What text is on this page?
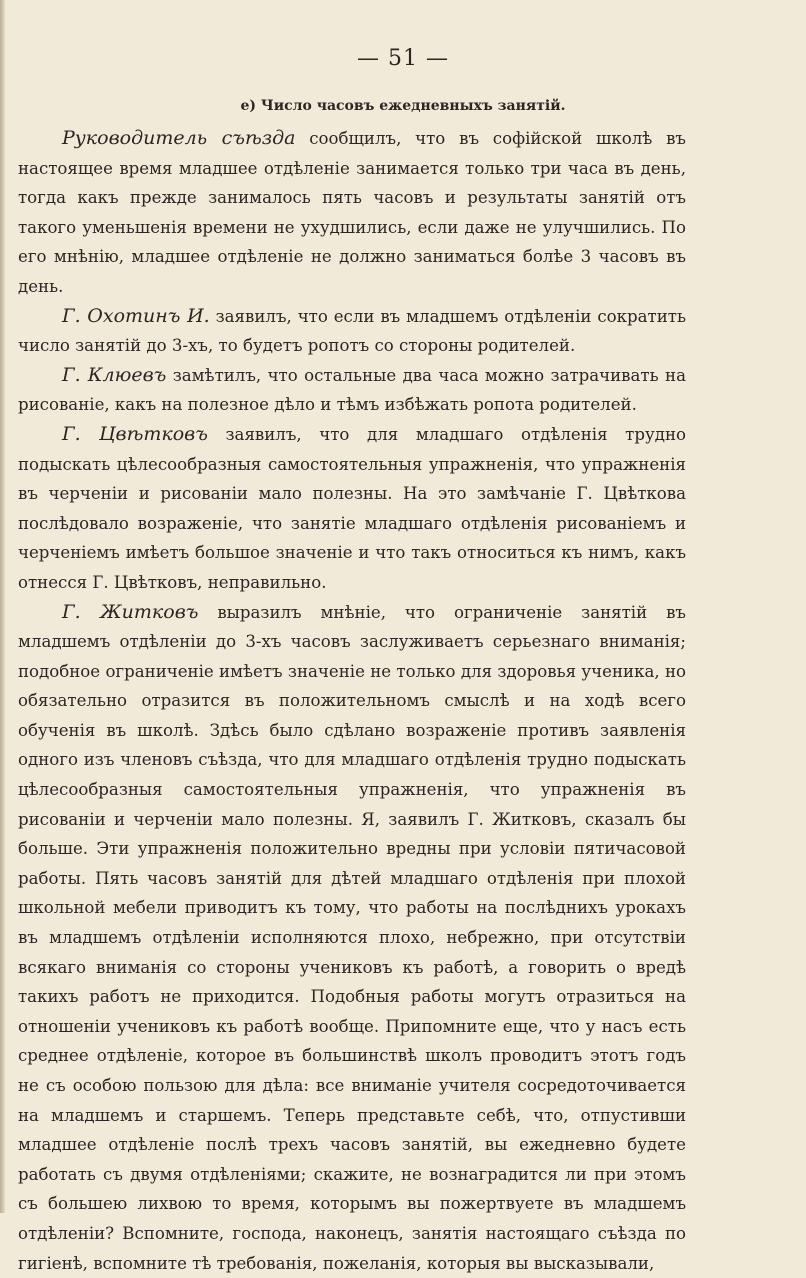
— 51 —
е) Число часовъ ежедневныхъ занятій.

Руководитель съѣзда сообщилъ, что въ софійской школѣ въ настоящее время младшее отдѣленіе занимается только три часа въ день, тогда какъ прежде занималось пять часовъ и результаты занятій отъ такого уменьшенія времени не ухудшились, если даже не улучшились. По его мнѣнію, младшее отдѣленіе не должно заниматься болѣе 3 часовъ въ день.

Г. Охотинъ И. заявилъ, что если въ младшемъ отдѣленіи сократить число занятій до 3-хъ, то будетъ ропотъ со стороны родителей.

Г. Клюевъ замѣтилъ, что остальные два часа можно затрачивать на рисованіе, какъ на полезное дѣло и тѣмъ избѣжать ропота родителей.

Г. Цвѣтковъ заявилъ, что для младшаго отдѣленія трудно подыскать цѣлесообразныя самостоятельныя упражненія, что упражненія въ черченіи и рисованіи мало полезны. На это замѣчаніе Г. Цвѣткова послѣдовало возраженіе, что занятіе младшаго отдѣленія рисованіемъ и черченіемъ имѣетъ большое значеніе и что такъ относиться къ нимъ, какъ отнесся Г. Цвѣтковъ, неправильно.

Г. Житковъ выразилъ мнѣніе, что ограниченіе занятій въ младшемъ отдѣленіи до 3-хъ часовъ заслуживаетъ серьезнаго вниманія; подобное ограниченіе имѣетъ значеніе не только для здоровья ученика, но обязательно отразится въ положительномъ смыслѣ и на ходѣ всего обученія въ школѣ. Здѣсь было сдѣлано возраженіе противъ заявленія одного изъ членовъ съѣзда, что для младшаго отдѣленія трудно подыскать цѣлесообразныя самостоятельныя упражненія, что упражненія въ рисованіи и черченіи мало полезны. Я, заявилъ Г. Житковъ, сказалъ бы больше. Эти упражненія положительно вредны при условіи пятичасовой работы. Пять часовъ занятій для дѣтей младшаго отдѣленія при плохой школьной мебели приводитъ къ тому, что работы на послѣднихъ урокахъ въ младшемъ отдѣленіи исполняются плохо, небрежно, при отсутствіи всякаго вниманія со стороны учениковъ къ работѣ, а говорить о вредѣ такихъ работъ не приходится. Подобныя работы могутъ отразиться на отношеніи учениковъ къ работѣ вообще. Припомните еще, что у насъ есть среднее отдѣленіе, которое въ большинствѣ школъ проводитъ этотъ годъ не съ особою пользою для дѣла: все вниманіе учителя сосредоточивается на младшемъ и старшемъ. Теперь представьте себѣ, что, отпустивши младшее отдѣленіе послѣ трехъ часовъ занятій, вы ежедневно будете работать съ двумя отдѣленіями; скажите, не вознаградится ли при этомъ съ большею лихвою то время, которымъ вы пожертвуете въ младшемъ отдѣленіи? Вспомните, господа, наконецъ, занятія настоящаго съѣзда по гигіенѣ, вспомните тѣ требованія, пожеланія, которыя вы высказывали,
